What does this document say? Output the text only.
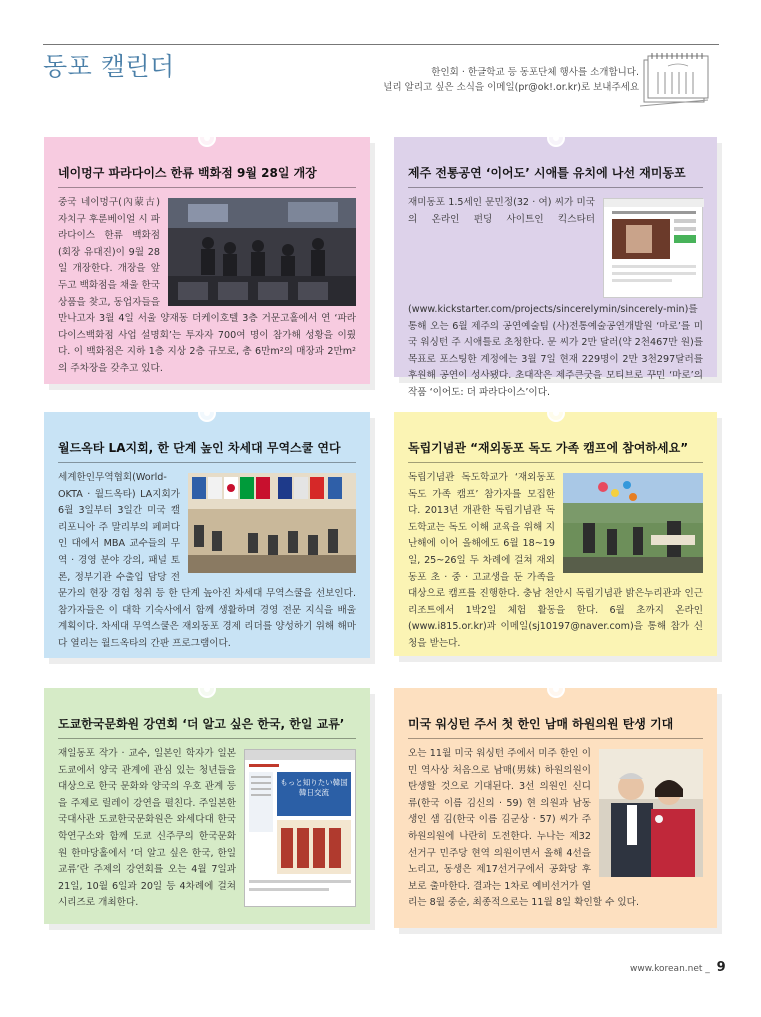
동포 캘린더	한인회 · 한글학교 등 동포단체 행사를 소개합니다.
널리 알리고 싶은 소식을 이메일(pr@ok!.or.kr)로 보내주세요
네이멍구 파라다이스 한류 백화점 9월 28일 개장
중국 네이멍구(內蒙古) 자치구 후룬베이얼 시 파라다이스 한류 백화점(회장 유대진)이 9월 28일 개장한다. 개장을 앞두고 백화점을 채울 한국 상품을 찾고, 동업자들을 만나고자 3월 4일 서울 양재동 더케이호텔 3층 거문고홀에서 연 ‘파라다이스백화점 사업 설명회’는 투자자 700여 명이 참가해 성황을 이뤘다. 이 백화점은 지하 1층 지상 2층 규모로, 총 6만m²의 매장과 2만m²의 주차장을 갖추고 있다.
제주 전통공연 ‘이어도’ 시애틀 유치에 나선 재미동포
재미동포 1.5세인 문민정(32 · 여) 씨가 미국의 온라인 펀딩 사이트인 킥스타터(www.kickstarter.com/projects/sincerelymin/sincerely-min)를 통해 오는 6월 제주의 공연예술팀 (사)전통예술공연개발원 ‘마로’를 미국 워싱턴 주 시애틀로 초청한다. 문 씨가 2만 달러(약 2천467만 원)를 목표로 포스팅한 계정에는 3월 7일 현재 229명이 2만 3천297달러를 후원해 공연이 성사됐다. 초대작은 제주큰굿을 모티브로 꾸민 ‘마로’의 작품 ‘이어도: 더 파라다이스’이다.
월드옥타 LA지회, 한 단계 높인 차세대 무역스쿨 연다
세계한인무역협회(World-OKTA · 월드옥타) LA지회가 6월 3일부터 3일간 미국 캘리포니아 주 말리부의 페퍼다인 대에서 MBA 교수들의 무역 · 경영 분야 강의, 패널 토론, 정부기관 수출입 담당 전문가의 현장 경험 청취 등 한 단계 높아진 차세대 무역스쿨을 선보인다. 참가자들은 이 대학 기숙사에서 함께 생활하며 경영 전문 지식을 배울 계획이다. 차세대 무역스쿨은 재외동포 경제 리더를 양성하기 위해 해마다 열리는 월드옥타의 간판 프로그램이다.
독립기념관 “재외동포 독도 가족 캠프에 참여하세요”
독립기념관 독도학교가 ‘재외동포 독도 가족 캠프’ 참가자를 모집한다. 2013년 개관한 독립기념관 독도학교는 독도 이해 교육을 위해 지난해에 이어 올해에도 6월 18~19일, 25~26일 두 차례에 걸쳐 재외동포 초 · 중 · 고교생을 둔 가족을 대상으로 캠프를 진행한다. 충남 천안시 독립기념관 밝은누리관과 인근 리조트에서 1박2일 체험 활동을 한다. 6월 초까지 온라인(www.i815.or.kr)과 이메일(sj10197@naver.com)을 통해 참가 신청을 받는다.
도쿄한국문화원 강연회 ‘더 알고 싶은 한국, 한일 교류’
もっと知りたい韓国 韓日交流
재일동포 작가 · 교수, 일본인 학자가 일본 도쿄에서 양국 관계에 관심 있는 청년들을 대상으로 한국 문화와 양국의 우호 관계 등을 주제로 릴레이 강연을 펼친다. 주일본한국대사관 도쿄한국문화원은 와세다대 한국학연구소와 함께 도쿄 신주쿠의 한국문화원 한마당홀에서 ‘더 알고 싶은 한국, 한일 교류’란 주제의 강연회를 오는 4월 7일과 21일, 10월 6일과 20일 등 4차례에 걸쳐 시리즈로 개최한다.
미국 워싱턴 주서 첫 한인 남매 하원의원 탄생 기대
오는 11월 미국 워싱턴 주에서 미주 한인 이민 역사상 처음으로 남매(男妹) 하원의원이 탄생할 것으로 기대된다. 3선 의원인 신디 류(한국 이름 김신의 · 59) 현 의원과 남동생인 샘 김(한국 이름 김군상 · 57) 씨가 주 하원의원에 나란히 도전한다. 누나는 제32선거구 민주당 현역 의원이면서 올해 4선을 노리고, 동생은 제17선거구에서 공화당 후보로 출마한다. 결과는 1차로 예비선거가 열리는 8월 중순, 최종적으로는 11월 8일 확인할 수 있다.
www.korean.net _ 9
